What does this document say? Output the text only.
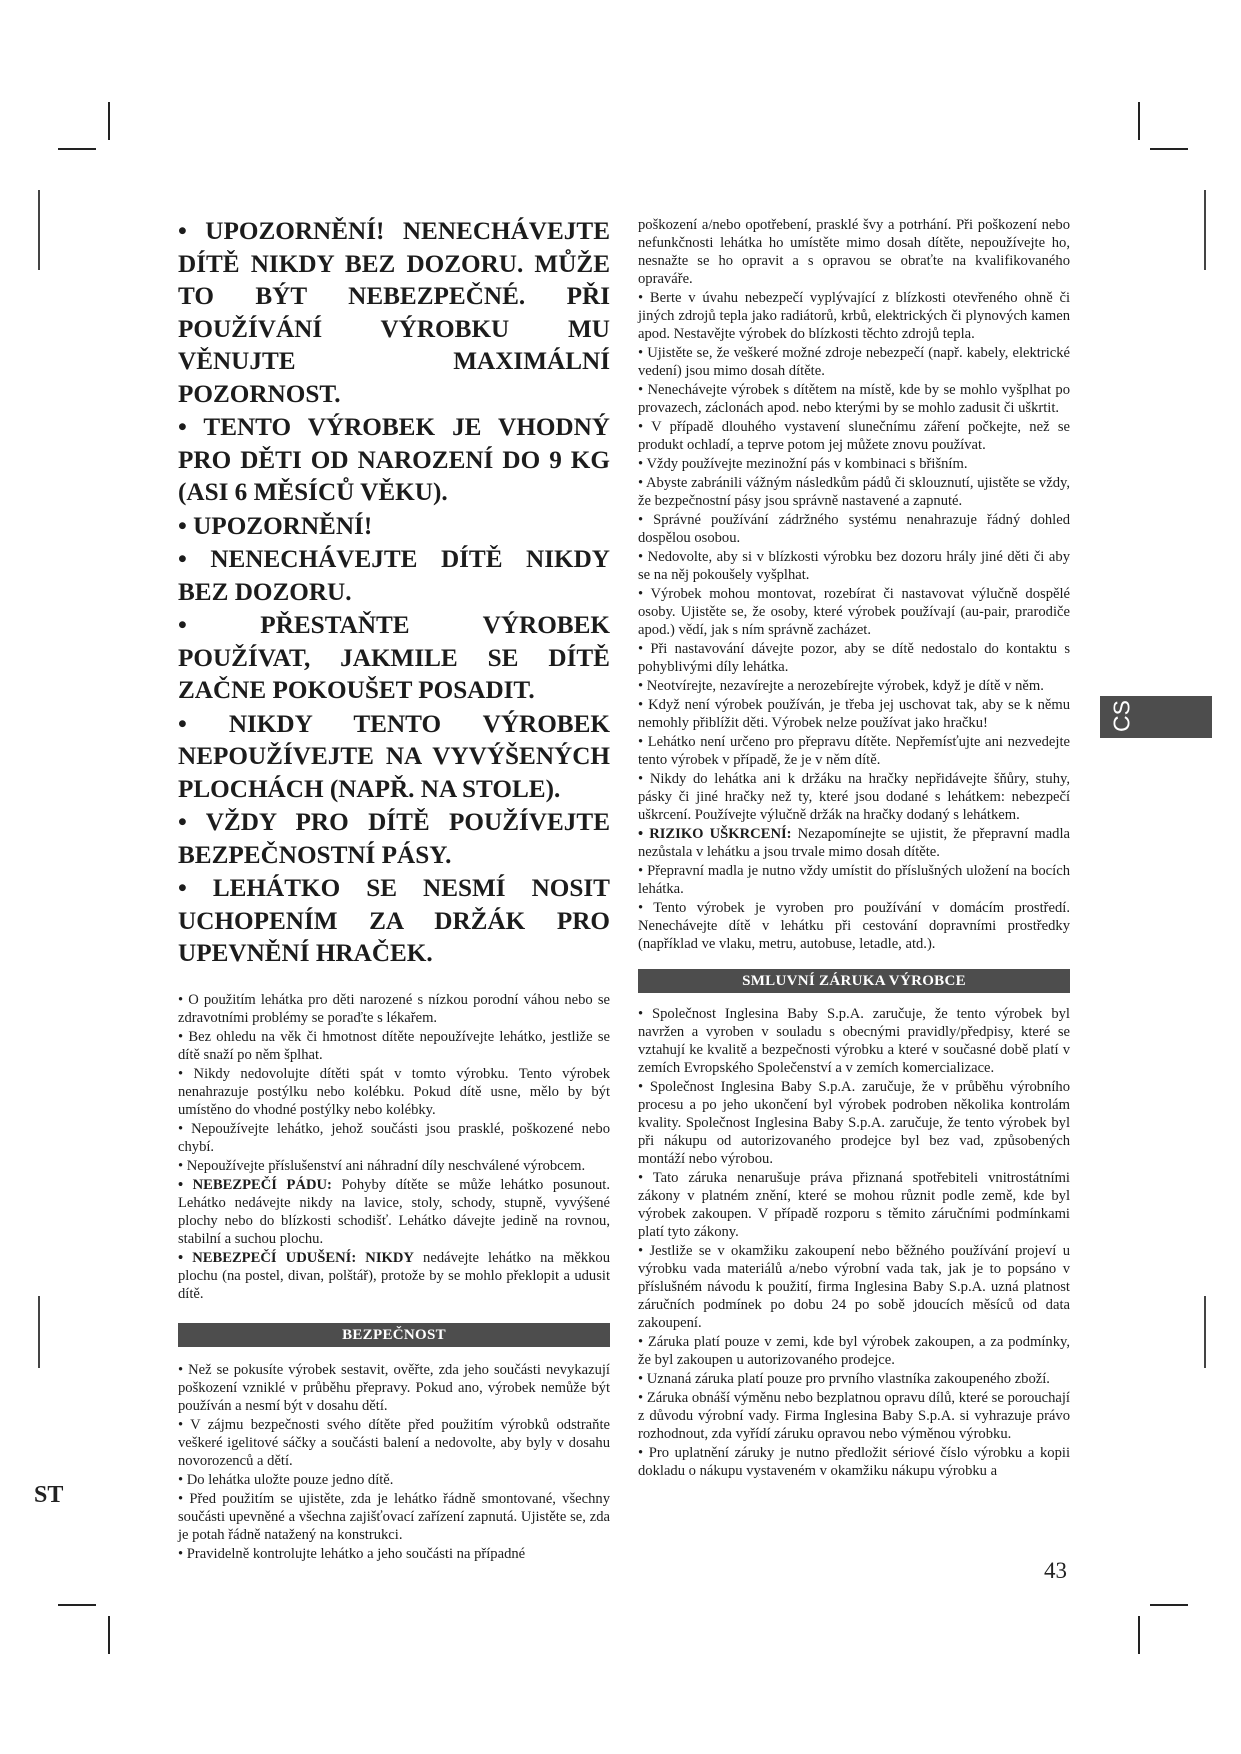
• UPOZORNĚNÍ! NENECHÁVEJTE DÍTĚ NIKDY BEZ DOZORU. MŮŽE TO BÝT NEBEZPEČNÉ. PŘI POUŽÍVÁNÍ VÝROBKU MU VĚNUJTE MAXIMÁLNÍ POZORNOST.

• TENTO VÝROBEK JE VHODNÝ PRO DĚTI OD NAROZENÍ DO 9 KG (ASI 6 MĚSÍCŮ VĚKU).

• UPOZORNĚNÍ!

• NENECHÁVEJTE DÍTĚ NIKDY BEZ DOZORU.

• PŘESTAŇTE VÝROBEK POUŽÍVAT, JAKMILE SE DÍTĚ ZAČNE POKOUŠET POSADIT.

• NIKDY TENTO VÝROBEK NEPOUŽÍVEJTE NA VYVÝŠENÝCH PLOCHÁCH (NAPŘ. NA STOLE).

• VŽDY PRO DÍTĚ POUŽÍVEJTE BEZPEČNOSTNÍ PÁSY.

• LEHÁTKO SE NESMÍ NOSIT UCHOPENÍM ZA DRŽÁK PRO UPEVNĚNÍ HRAČEK.

• O použitím lehátka pro děti narozené s nízkou porodní váhou nebo se zdravotními problémy se poraďte s lékařem.

• Bez ohledu na věk či hmotnost dítěte nepoužívejte lehátko, jestliže se dítě snaží po něm šplhat.

• Nikdy nedovolujte dítěti spát v tomto výrobku. Tento výrobek nenahrazuje postýlku nebo kolébku. Pokud dítě usne, mělo by být umístěno do vhodné postýlky nebo kolébky.

• Nepoužívejte lehátko, jehož součásti jsou prasklé, poškozené nebo chybí.

• Nepoužívejte příslušenství ani náhradní díly neschválené výrobcem.

• NEBEZPEČÍ PÁDU: Pohyby dítěte se může lehátko posunout. Lehátko nedávejte nikdy na lavice, stoly, schody, stupně, vyvýšené plochy nebo do blízkosti schodišť. Lehátko dávejte jedině na rovnou, stabilní a suchou plochu.

• NEBEZPEČÍ UDUŠENÍ: NIKDY nedávejte lehátko na měkkou plochu (na postel, divan, polštář), protože by se mohlo překlopit a udusit dítě.

BEZPEČNOST

• Než se pokusíte výrobek sestavit, ověřte, zda jeho součásti nevykazují poškození vzniklé v průběhu přepravy. Pokud ano, výrobek nemůže být používán a nesmí být v dosahu dětí.

• V zájmu bezpečnosti svého dítěte před použitím výrobků odstraňte veškeré igelitové sáčky a součásti balení a nedovolte, aby byly v dosahu novorozenců a dětí.

• Do lehátka uložte pouze jedno dítě.

• Před použitím se ujistěte, zda je lehátko řádně smontované, všechny součásti upevněné a všechna zajišťovací zařízení zapnutá. Ujistěte se, zda je potah řádně natažený na konstrukci.

• Pravidelně kontrolujte lehátko a jeho součásti na případné

poškození a/nebo opotřebení, prasklé švy a potrhání. Při poškození nebo nefunkčnosti lehátka ho umístěte mimo dosah dítěte, nepoužívejte ho, nesnažte se ho opravit a s opravou se obraťte na kvalifikovaného opraváře.

• Berte v úvahu nebezpečí vyplývající z blízkosti otevřeného ohně či jiných zdrojů tepla jako radiátorů, krbů, elektrických či plynových kamen apod. Nestavějte výrobek do blízkosti těchto zdrojů tepla.

• Ujistěte se, že veškeré možné zdroje nebezpečí (např. kabely, elektrické vedení) jsou mimo dosah dítěte.

• Nenechávejte výrobek s dítětem na místě, kde by se mohlo vyšplhat po provazech, záclonách apod. nebo kterými by se mohlo zadusit či uškrtit.

• V případě dlouhého vystavení slunečnímu záření počkejte, než se produkt ochladí, a teprve potom jej můžete znovu používat.

• Vždy používejte mezinožní pás v kombinaci s břišním.

• Abyste zabránili vážným následkům pádů či sklouznutí, ujistěte se vždy, že bezpečnostní pásy jsou správně nastavené a zapnuté.

• Správné používání zádržného systému nenahrazuje řádný dohled dospělou osobou.

• Nedovolte, aby si v blízkosti výrobku bez dozoru hrály jiné děti či aby se na něj pokoušely vyšplhat.

• Výrobek mohou montovat, rozebírat či nastavovat výlučně dospělé osoby. Ujistěte se, že osoby, které výrobek používají (au-pair, prarodiče apod.) vědí, jak s ním správně zacházet.

• Při nastavování dávejte pozor, aby se dítě nedostalo do kontaktu s pohyblivými díly lehátka.

• Neotvírejte, nezavírejte a nerozebírejte výrobek, když je dítě v něm.

• Když není výrobek používán, je třeba jej uschovat tak, aby se k němu nemohly přiblížit děti. Výrobek nelze používat jako hračku!

• Lehátko není určeno pro přepravu dítěte. Nepřemísťujte ani nezvedejte tento výrobek v případě, že je v něm dítě.

• Nikdy do lehátka ani k držáku na hračky nepřidávejte šňůry, stuhy, pásky či jiné hračky než ty, které jsou dodané s lehátkem: nebezpečí uškrcení. Používejte výlučně držák na hračky dodaný s lehátkem.

• RIZIKO UŠKRCENÍ: Nezapomínejte se ujistit, že přepravní madla nezůstala v lehátku a jsou trvale mimo dosah dítěte.

• Přepravní madla je nutno vždy umístit do příslušných uložení na bocích lehátka.

• Tento výrobek je vyroben pro používání v domácím prostředí. Nenechávejte dítě v lehátku při cestování dopravními prostředky (například ve vlaku, metru, autobuse, letadle, atd.).

SMLUVNÍ ZÁRUKA VÝROBCE

• Společnost Inglesina Baby S.p.A. zaručuje, že tento výrobek byl navržen a vyroben v souladu s obecnými pravidly/předpisy, které se vztahují ke kvalitě a bezpečnosti výrobku a které v současné době platí v zemích Evropského Společenství a v zemích komercializace.

• Společnost Inglesina Baby S.p.A. zaručuje, že v průběhu výrobního procesu a po jeho ukončení byl výrobek podroben několika kontrolám kvality. Společnost Inglesina Baby S.p.A. zaručuje, že tento výrobek byl při nákupu od autorizovaného prodejce byl bez vad, způsobených montáží nebo výrobou.

• Tato záruka nenarušuje práva přiznaná spotřebiteli vnitrostátními zákony v platném znění, které se mohou různit podle země, kde byl výrobek zakoupen. V případě rozporu s těmito záručními podmínkami platí tyto zákony.

• Jestliže se v okamžiku zakoupení nebo běžného používání projeví u výrobku vada materiálů a/nebo výrobní vada tak, jak je to popsáno v příslušném návodu k použití, firma Inglesina Baby S.p.A. uzná platnost záručních podmínek po dobu 24 po sobě jdoucích měsíců od data zakoupení.

• Záruka platí pouze v zemi, kde byl výrobek zakoupen, a za podmínky, že byl zakoupen u autorizovaného prodejce.

• Uznaná záruka platí pouze pro prvního vlastníka zakoupeného zboží.

• Záruka obnáší výměnu nebo bezplatnou opravu dílů, které se porouchají z důvodu výrobní vady. Firma Inglesina Baby S.p.A. si vyhrazuje právo rozhodnout, zda vyřídí záruku opravou nebo výměnou výrobku.

• Pro uplatnění záruky je nutno předložit sériové číslo výrobku a kopii dokladu o nákupu vystaveném v okamžiku nákupu výrobku a

CS
43
ST
